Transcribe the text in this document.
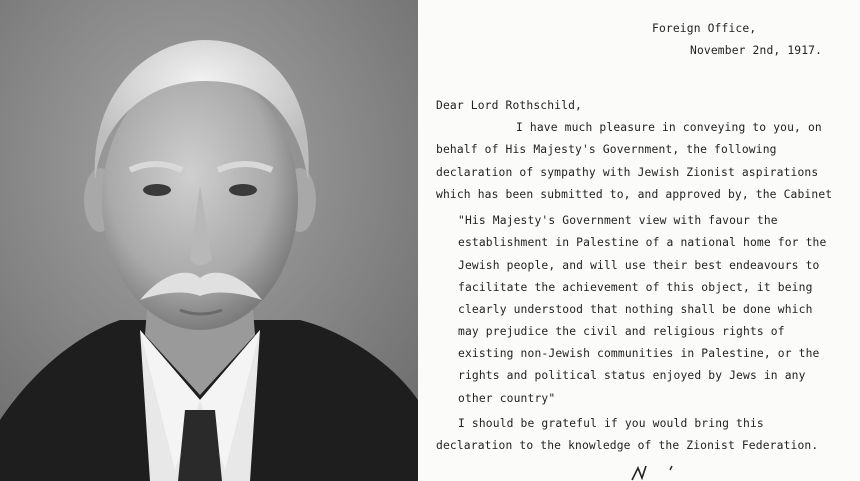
Foreign Office,
November 2nd, 1917.
Dear Lord Rothschild,
I have much pleasure in conveying to you, on
behalf of His Majesty's Government, the following
declaration of sympathy with Jewish Zionist aspirations
which has been submitted to, and approved by, the Cabinet
"His Majesty's Government view with favour the
establishment in Palestine of a national home for the
Jewish people, and will use their best endeavours to
facilitate the achievement of this object, it being
clearly understood that nothing shall be done which
may prejudice the civil and religious rights of
existing non-Jewish communities in Palestine, or the
rights and political status enjoyed by Jews in any
other country"
I should be grateful if you would bring this
declaration to the knowledge of the Zionist Federation.
